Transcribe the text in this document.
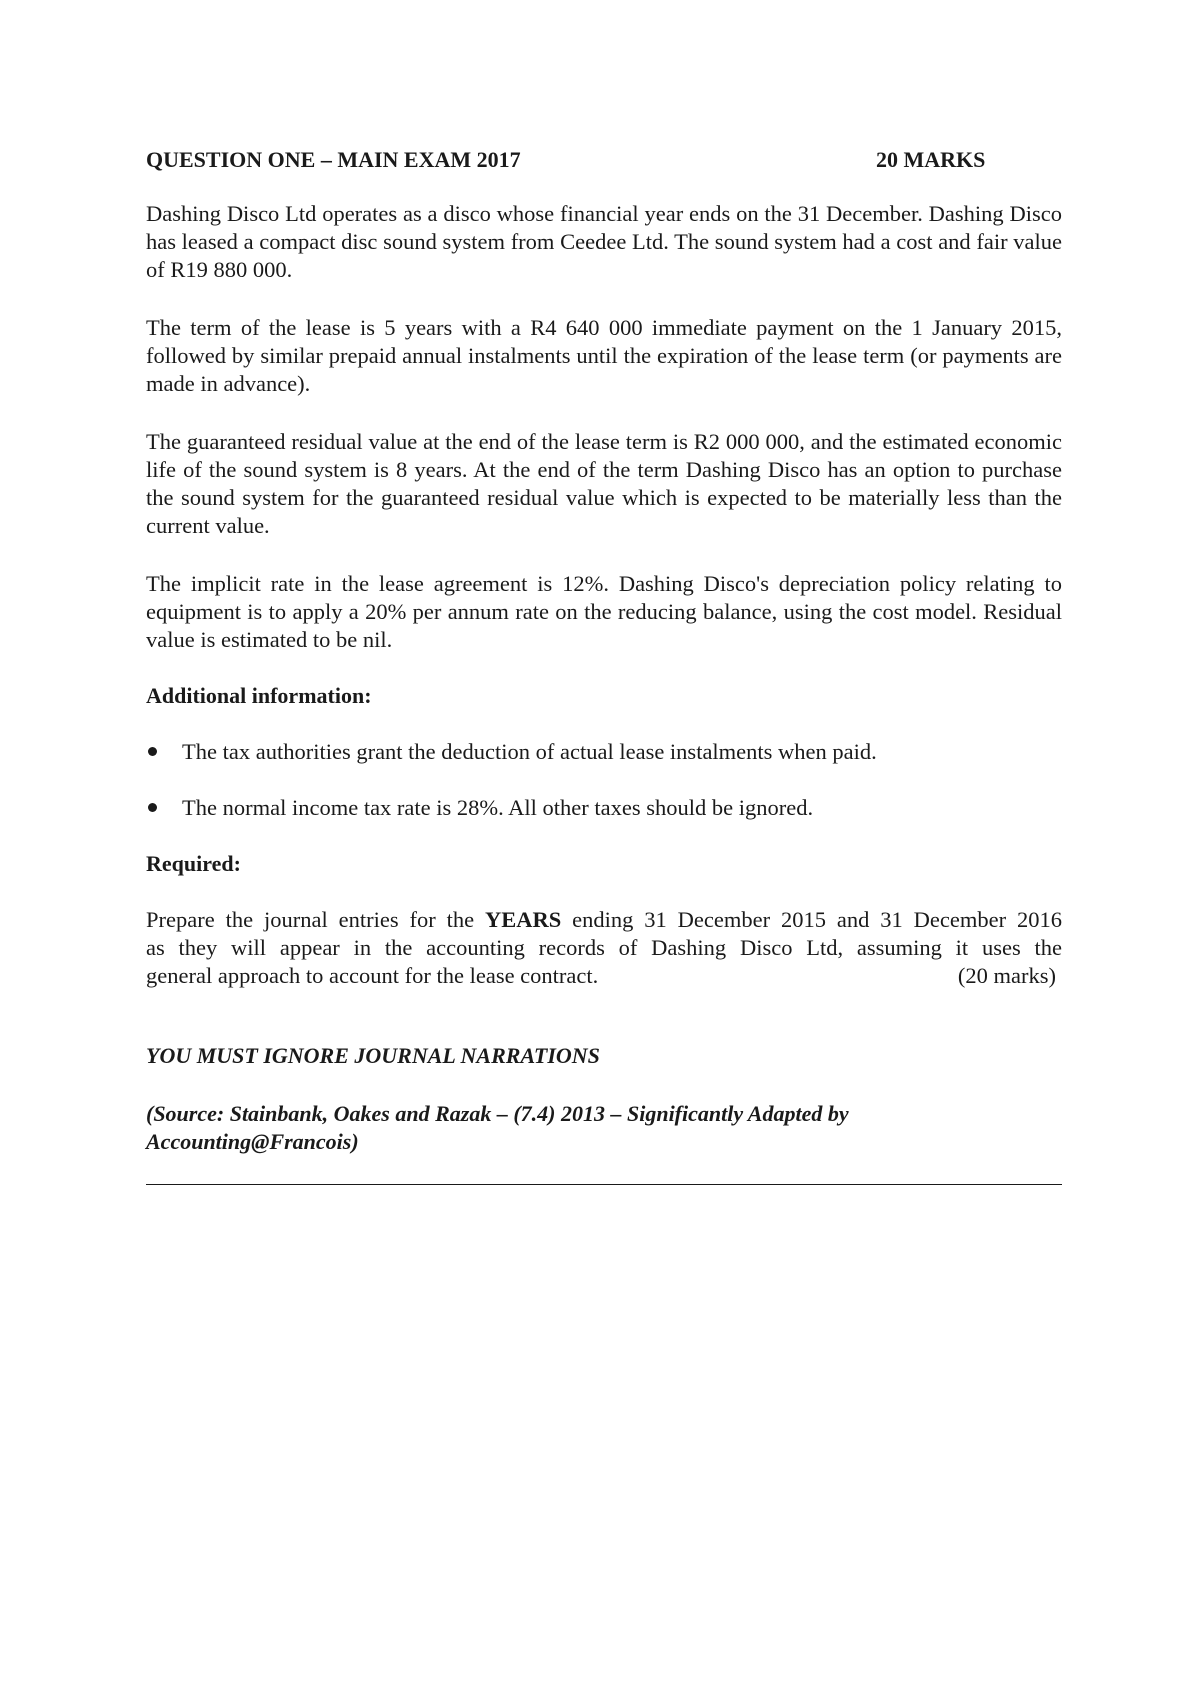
QUESTION ONE – MAIN EXAM 2017	20 MARKS

Dashing Disco Ltd operates as a disco whose financial year ends on the 31 December. Dashing Disco has leased a compact disc sound system from Ceedee Ltd. The sound system had a cost and fair value of R19 880 000.

The term of the lease is 5 years with a R4 640 000 immediate payment on the 1 January 2015, followed by similar prepaid annual instalments until the expiration of the lease term (or payments are made in advance).

The guaranteed residual value at the end of the lease term is R2 000 000, and the estimated economic life of the sound system is 8 years. At the end of the term Dashing Disco has an option to purchase the sound system for the guaranteed residual value which is expected to be materially less than the current value.

The implicit rate in the lease agreement is 12%. Dashing Disco's depreciation policy relating to equipment is to apply a 20% per annum rate on the reducing balance, using the cost model. Residual value is estimated to be nil.

Additional information:
The tax authorities grant the deduction of actual lease instalments when paid.
The normal income tax rate is 28%. All other taxes should be ignored.
Required:
Prepare the journal entries for the YEARS ending 31 December 2015 and 31 December 2016
as they will appear in the accounting records of Dashing Disco Ltd, assuming it uses the
general approach to account for the lease contract.	(20 marks)
YOU MUST IGNORE JOURNAL NARRATIONS
(Source: Stainbank, Oakes and Razak – (7.4) 2013 – Significantly Adapted by Accounting@Francois)
